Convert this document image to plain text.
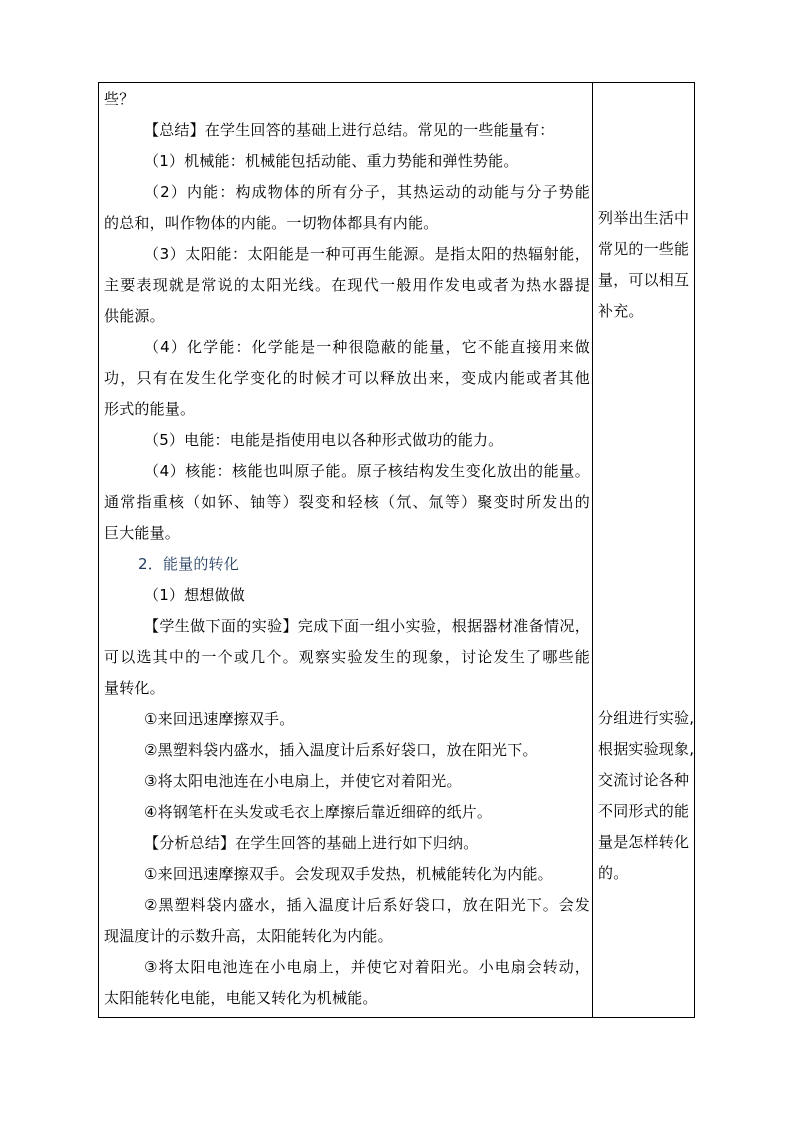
些？
【总结】在学生回答的基础上进行总结。常见的一些能量有：
（1）机械能：机械能包括动能、重力势能和弹性势能。
（2）内能：构成物体的所有分子，其热运动的动能与分子势能
的总和，叫作物体的内能。一切物体都具有内能。
（3）太阳能：太阳能是一种可再生能源。是指太阳的热辐射能，
主要表现就是常说的太阳光线。在现代一般用作发电或者为热水器提
供能源。
（4）化学能：化学能是一种很隐蔽的能量，它不能直接用来做
功，只有在发生化学变化的时候才可以释放出来，变成内能或者其他
形式的能量。
（5）电能：电能是指使用电以各种形式做功的能力。
（4）核能：核能也叫原子能。原子核结构发生变化放出的能量。
通常指重核（如钚、铀等）裂变和轻核（氘、氚等）聚变时所发出的
巨大能量。
2．能量的转化
（1）想想做做
【学生做下面的实验】完成下面一组小实验，根据器材准备情况，
可以选其中的一个或几个。观察实验发生的现象，讨论发生了哪些能
量转化。
①来回迅速摩擦双手。
②黑塑料袋内盛水，插入温度计后系好袋口，放在阳光下。
③将太阳电池连在小电扇上，并使它对着阳光。
④将钢笔杆在头发或毛衣上摩擦后靠近细碎的纸片。
【分析总结】在学生回答的基础上进行如下归纳。
①来回迅速摩擦双手。会发现双手发热，机械能转化为内能。
②黑塑料袋内盛水，插入温度计后系好袋口，放在阳光下。会发
现温度计的示数升高，太阳能转化为内能。
③将太阳电池连在小电扇上，并使它对着阳光。小电扇会转动，
太阳能转化电能，电能又转化为机械能。
列举出生活中
常见的一些能
量，可以相互
补充。
分组进行实验,
根据实验现象,
交流讨论各种
不同形式的能
量是怎样转化
的。
